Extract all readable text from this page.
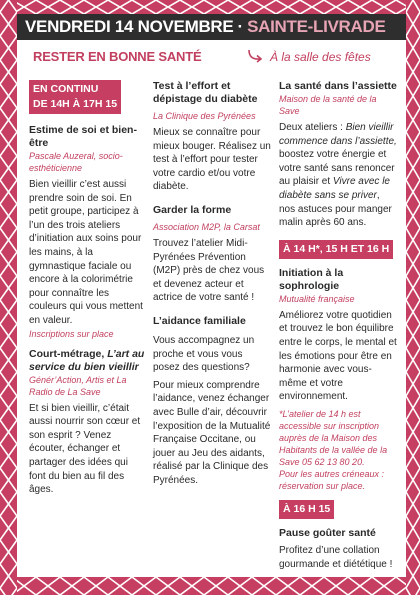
VENDREDI 14 NOVEMBRE · SAINTE-LIVRADE
RESTER EN BONNE SANTÉ	À la salle des fêtes
EN CONTINU
DE 14H À 17H 15
Estime de soi et bien-être
Pascale Auzeral, socio-esthéticienne

Bien vieillir c’est aussi prendre soin de soi. En petit groupe, participez à l’un des trois ateliers d’initiation aux soins pour les mains, à la gymnastique faciale ou encore à la colorimétrie pour connaître les couleurs qui vous mettent en valeur.

Inscriptions sur place
Court-métrage, L’art au service du bien vieillir
Génér’Action, Artis et La Radio de La Save

Et si bien vieillir, c’était aussi nourrir son cœur et son esprit ? Venez écouter, échanger et partager des idées qui font du bien au fil des âges.

Test à l’effort et dépistage du diabète
La Clinique des Pyrénées

Mieux se connaître pour mieux bouger. Réalisez un test à l’effort pour tester votre cardio et/ou votre diabète.

Garder la forme
Association M2P, la Carsat

Trouvez l’atelier Midi-Pyrénées Prévention (M2P) près de chez vous et devenez acteur et actrice de votre santé !

L’aidance familiale

Vous accompagnez un proche et vous vous posez des questions?

Pour mieux comprendre l’aidance, venez échanger avec Bulle d’air, découvrir l’exposition de la Mutualité Française Occitane, ou jouer au Jeu des aidants, réalisé par la Clinique des Pyrénées.

La santé dans l’assiette
Maison de la santé de la Save

Deux ateliers : Bien vieillir commence dans l’assiette, boostez votre énergie et votre santé sans renoncer au plaisir et Vivre avec le diabète sans se priver, nos astuces pour manger malin après 60 ans.

À 14 H*, 15 H ET 16 H
Initiation à la sophrologie
Mutualité française

Améliorez votre quotidien et trouvez le bon équilibre entre le corps, le mental et les émotions pour être en harmonie avec vous-même et votre environnement.

*L’atelier de 14 h est accessible sur inscription auprès de la Maison des Habitants de la vallée de la Save 05 62 13 80 20.
Pour les autres créneaux : réservation sur place.
À 16 H 15
Pause goûter santé

Profitez d’une collation gourmande et diététique !
